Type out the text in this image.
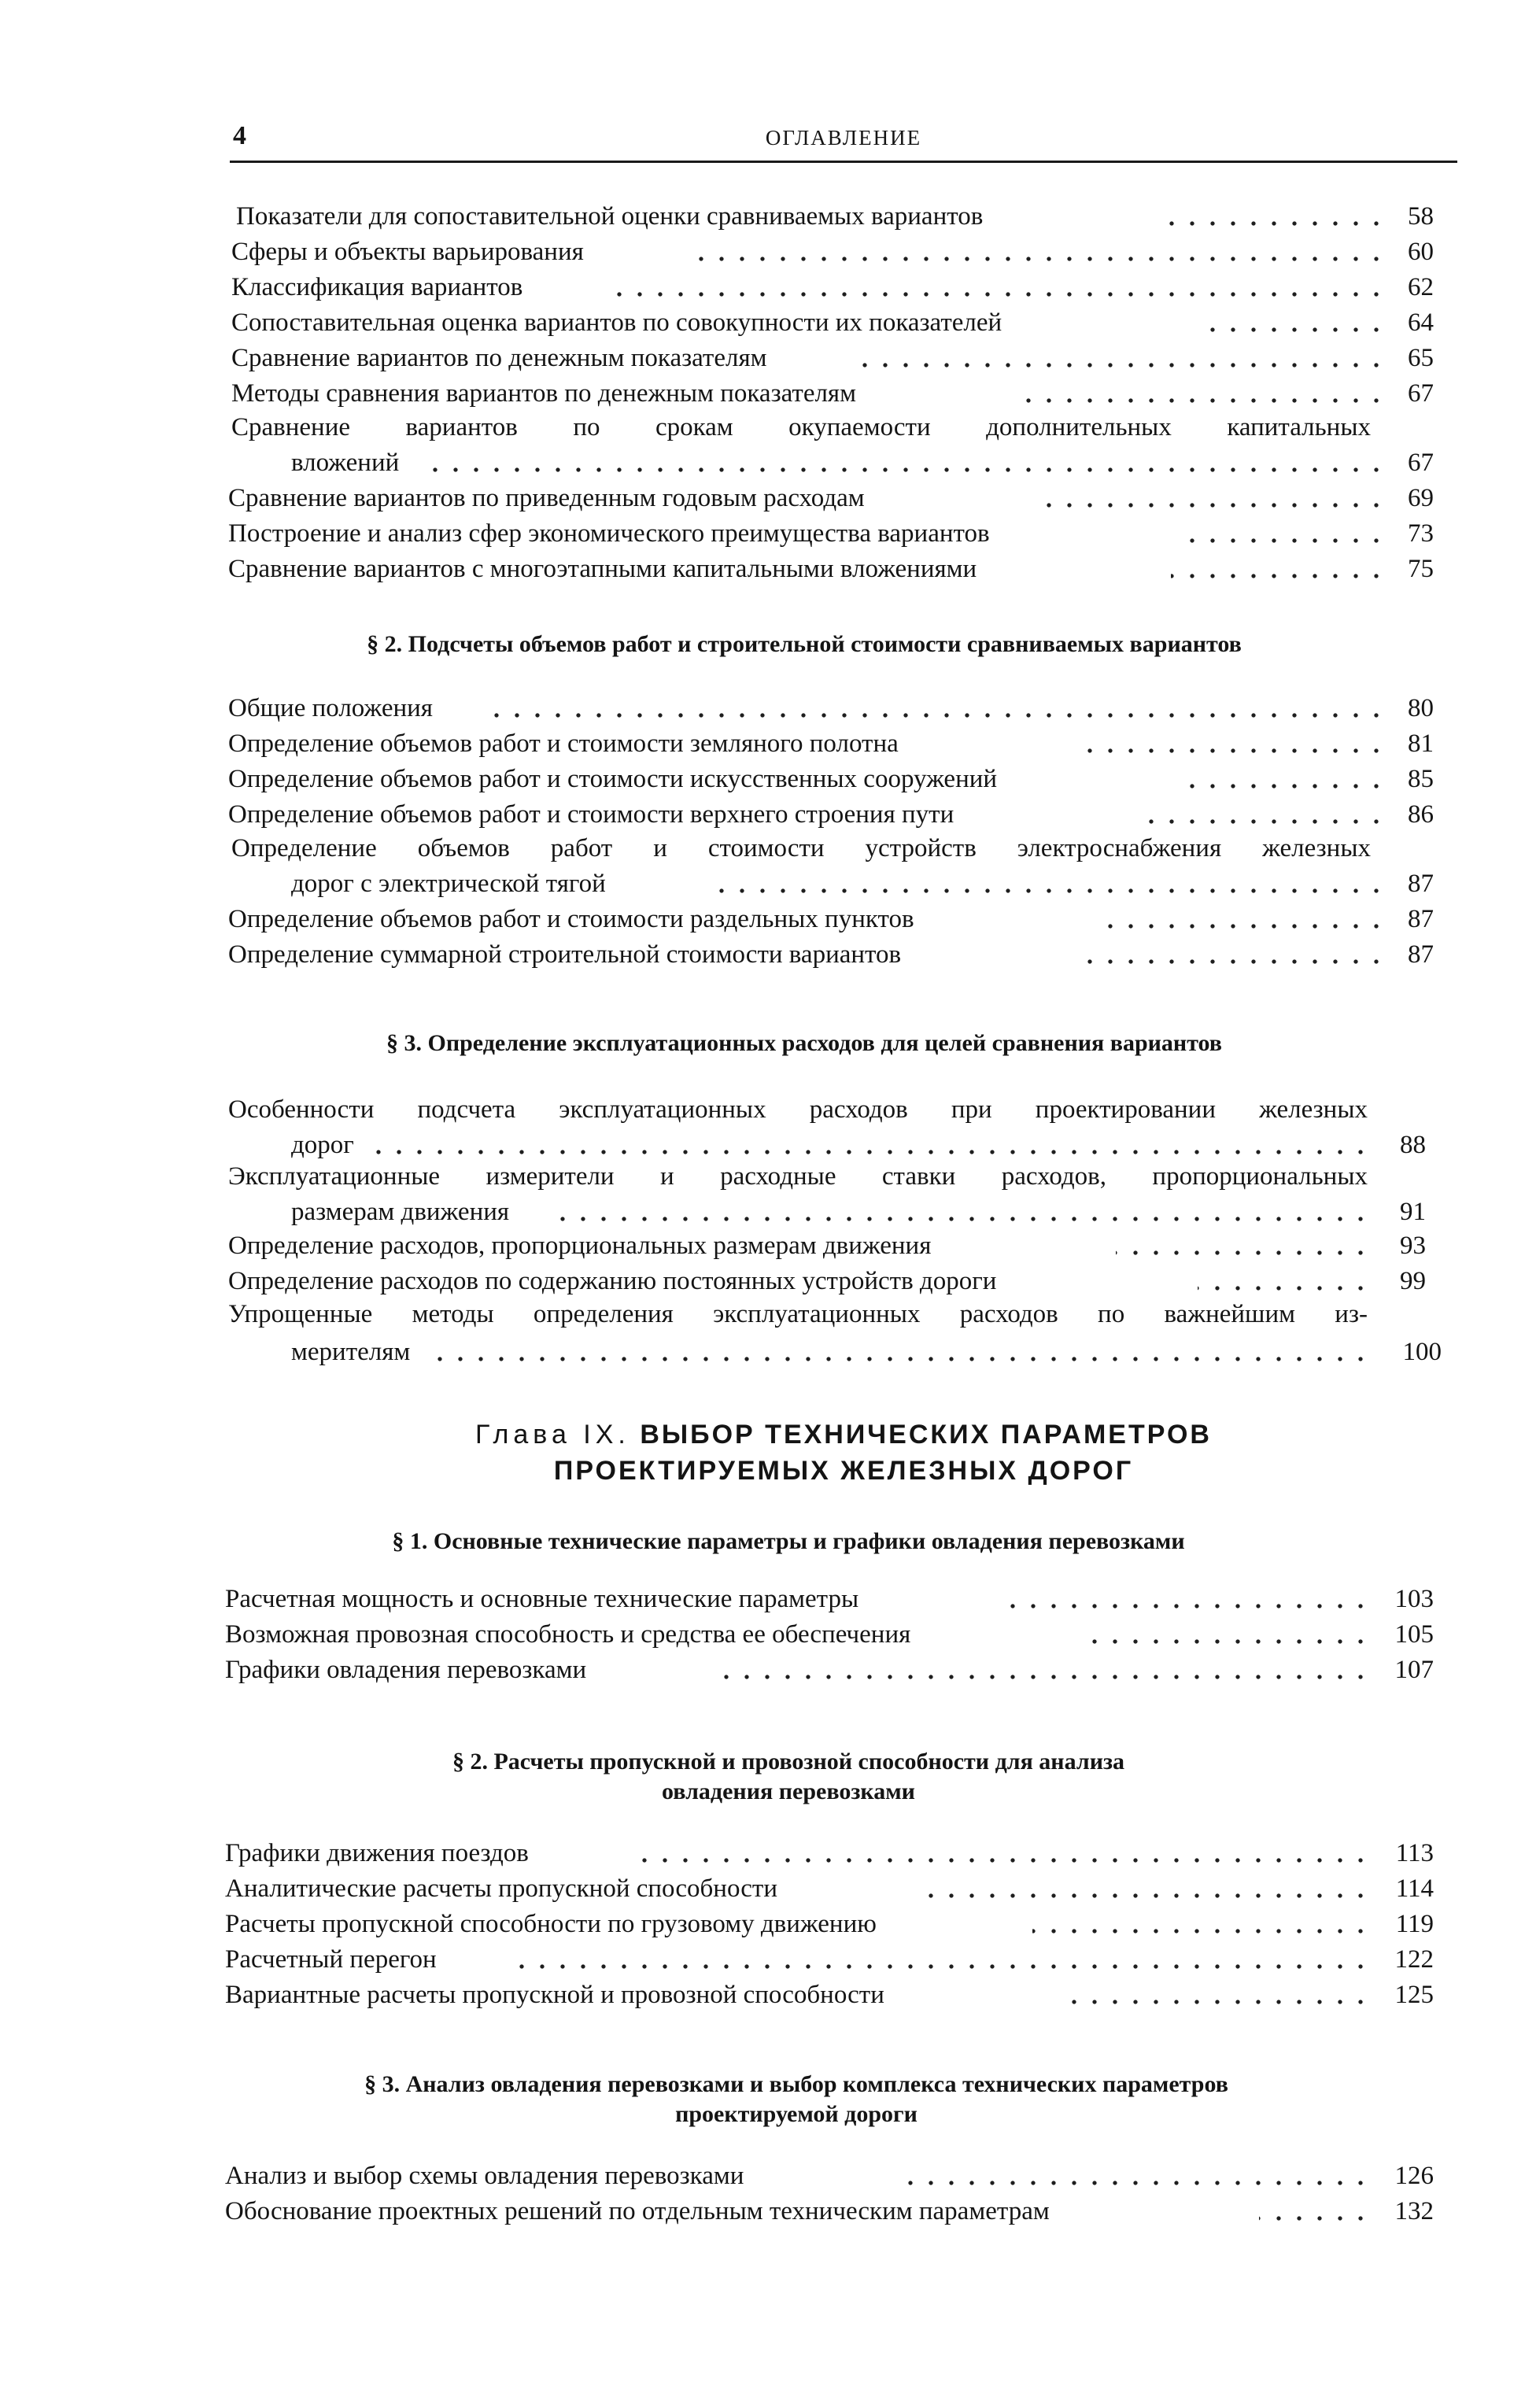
4	ОГЛАВЛЕНИЕ
Показатели для сопоставительной оценки сравниваемых вариантов	58
Сферы и объекты варьирования	60
Классификация вариантов	62
Сопоставительная оценка вариантов по совокупности их показателей	64
Сравнение вариантов по денежным показателям	65
Методы сравнения вариантов по денежным показателям	67
Сравнение вариантов по срокам окупаемости дополнительных капитальных
вложений	67
Сравнение вариантов по приведенным годовым расходам	69
Построение и анализ сфер экономического преимущества вариантов	73
Сравнение вариантов с многоэтапными капитальными вложениями	75
§ 2. Подсчеты объемов работ и строительной стоимости сравниваемых вариантов
Общие положения	80
Определение объемов работ и стоимости земляного полотна	81
Определение объемов работ и стоимости искусственных сооружений	85
Определение объемов работ и стоимости верхнего строения пути	86
Определение объемов работ и стоимости устройств электроснабжения железных
дорог с электрической тягой	87
Определение объемов работ и стоимости раздельных пунктов	87
Определение суммарной строительной стоимости вариантов	87
§ 3. Определение эксплуатационных расходов для целей сравнения вариантов
Особенности подсчета эксплуатационных расходов при проектировании железных
дорог	88
Эксплуатационные измерители и расходные ставки расходов, пропорциональных
размерам движения	91
Определение расходов, пропорциональных размерам движения	93
Определение расходов по содержанию постоянных устройств дороги	99
Упрощенные методы определения эксплуатационных расходов по важнейшим из-
мерителям	100
Глава IX. ВЫБОР ТЕХНИЧЕСКИХ ПАРАМЕТРОВ
ПРОЕКТИРУЕМЫХ ЖЕЛЕЗНЫХ ДОРОГ
§ 1. Основные технические параметры и графики овладения перевозками
Расчетная мощность и основные технические параметры	103
Возможная провозная способность и средства ее обеспечения	105
Графики овладения перевозками	107
§ 2. Расчеты пропускной и провозной способности для анализа
овладения перевозками
Графики движения поездов	113
Аналитические расчеты пропускной способности	114
Расчеты пропускной способности по грузовому движению	119
Расчетный перегон	122
Вариантные расчеты пропускной и провозной способности	125
§ 3. Анализ овладения перевозками и выбор комплекса технических параметров
проектируемой дороги
Анализ и выбор схемы овладения перевозками	126
Обоснование проектных решений по отдельным техническим параметрам	132
